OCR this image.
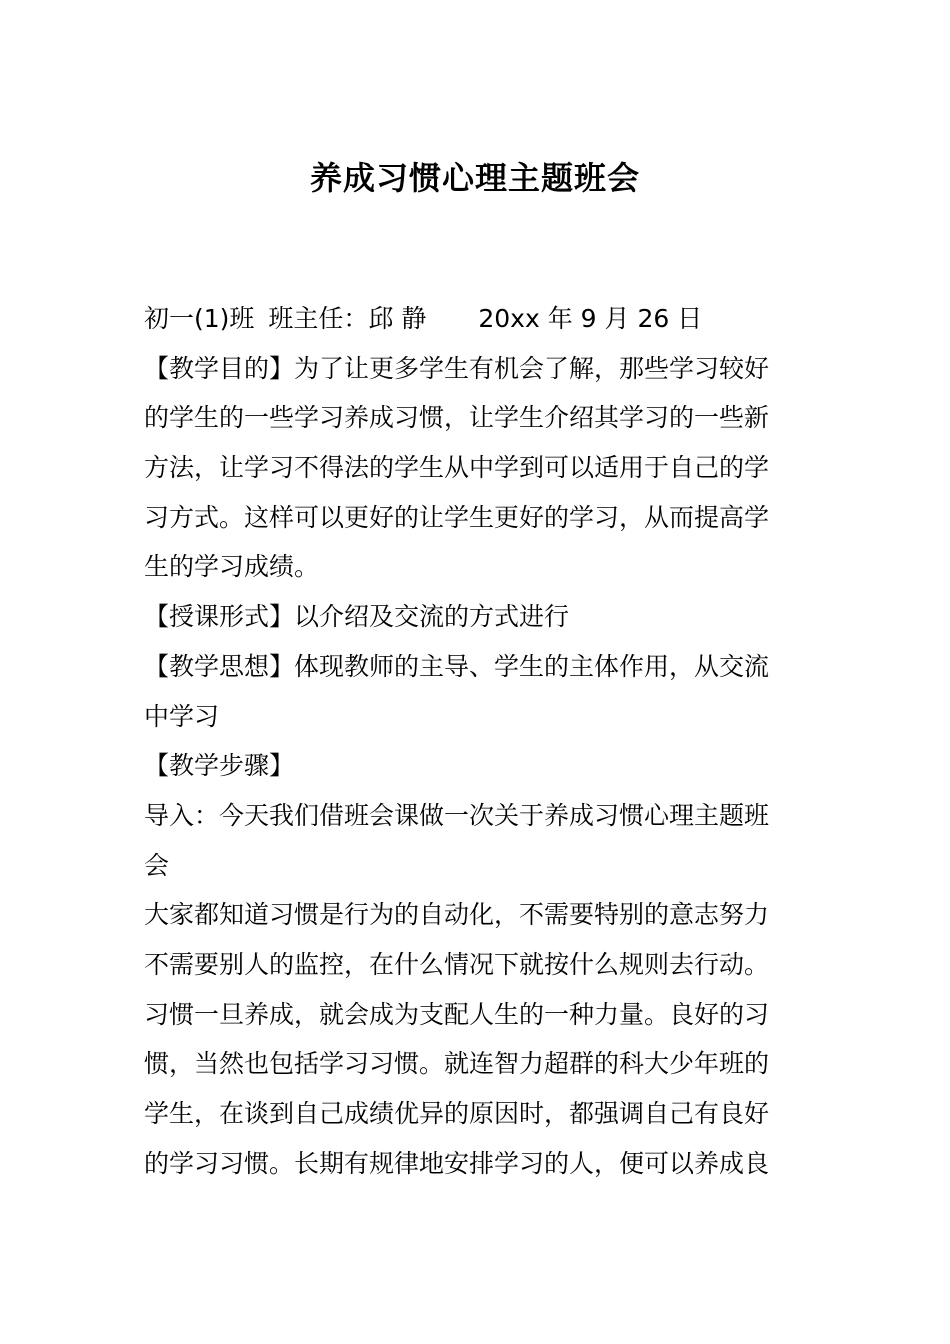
养成习惯心理主题班会
初一(1)班 班主任：邱 静 20xx 年 9 月 26 日
【教学目的】为了让更多学生有机会了解，那些学习较好
的学生的一些学习养成习惯，让学生介绍其学习的一些新
方法，让学习不得法的学生从中学到可以适用于自己的学
习方式。这样可以更好的让学生更好的学习，从而提高学
生的学习成绩。
【授课形式】以介绍及交流的方式进行
【教学思想】体现教师的主导、学生的主体作用，从交流
中学习
【教学步骤】
导入：今天我们借班会课做一次关于养成习惯心理主题班
会
大家都知道习惯是行为的自动化，不需要特别的意志努力
不需要别人的监控，在什么情况下就按什么规则去行动。
习惯一旦养成，就会成为支配人生的一种力量。良好的习
惯，当然也包括学习习惯。就连智力超群的科大少年班的
学生，在谈到自己成绩优异的原因时，都强调自己有良好
的学习习惯。长期有规律地安排学习的人，便可以养成良
